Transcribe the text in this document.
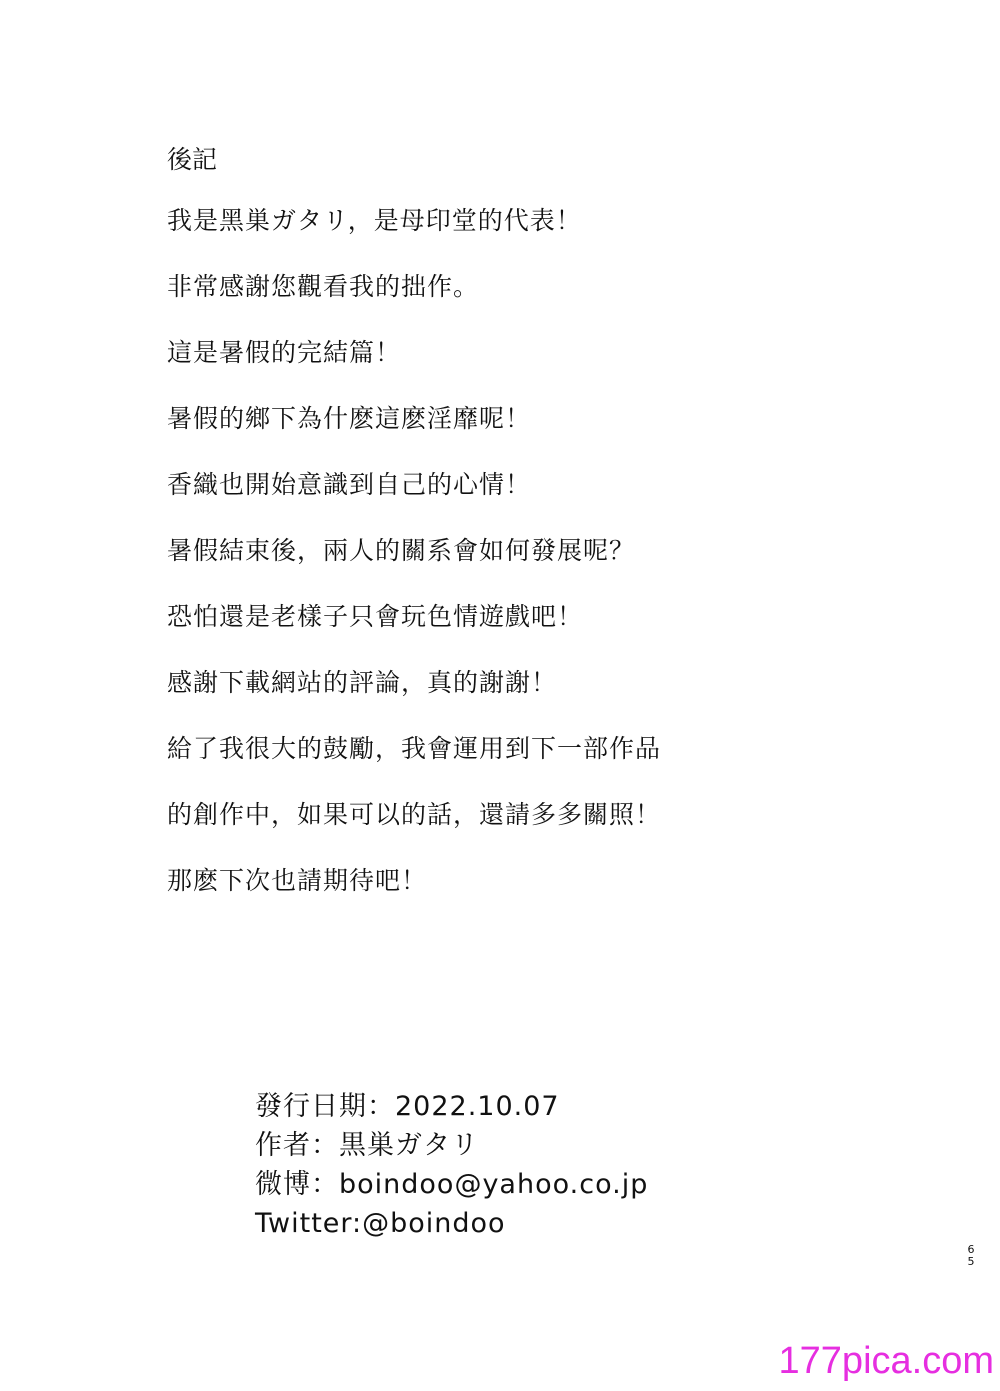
後記
我是黑巣ガタリ，是母印堂的代表！
非常感謝您觀看我的拙作。
這是暑假的完結篇！
暑假的鄉下為什麽這麽淫靡呢！
香織也開始意識到自己的心情！
暑假結束後，兩人的關系會如何發展呢？
恐怕還是老樣子只會玩色情遊戲吧！
感謝下載網站的評論，真的謝謝！
給了我很大的鼓勵，我會運用到下一部作品
的創作中，如果可以的話，還請多多關照！
那麽下次也請期待吧！
發行日期：2022.10.07
作者：黒巣ガタリ
微博：boindoo@yahoo.co.jp
Twitter:@boindoo
6
5
177pica.com
